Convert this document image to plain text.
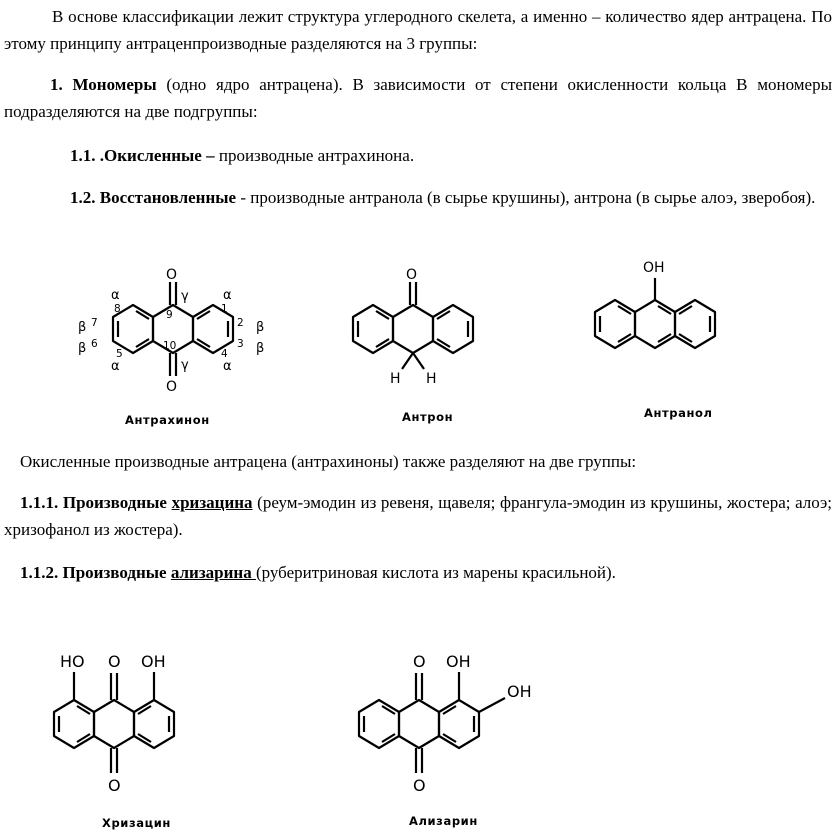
В основе классификации лежит структура углеродного скелета, а именно – количество ядер антрацена. По этому принципу антраценпроизводные разделяются на 3 группы:

1. Мономеры (одно ядро антрацена). В зависимости от степени окисленности кольца В мономеры подразделяются на две подгруппы:

1.1. .Окисленные – производные антрахинона.

1.2. Восстановленные - производные антранола (в сырье крушины), антрона (в сырье алоэ, зверобоя).

O
O
γ
γ
α	α
α	α
β
β
β
β
9
10
8
7
6
5
1
2
3
4
Антрахинон
O
H H
Антрон
OH
Антранол

Окисленные производные антрацена (антрахиноны) также разделяют на две группы:

1.1.1. Производные хризацина (реум-эмодин из ревеня, щавеля; франгула-эмодин из крушины, жостера; алоэ; хризофанол из жостера).

1.1.2. Производные ализарина (руберитриновая кислота из марены красильной).

HO O OH
O
Хризацин
O OH
OH
O
Ализарин
